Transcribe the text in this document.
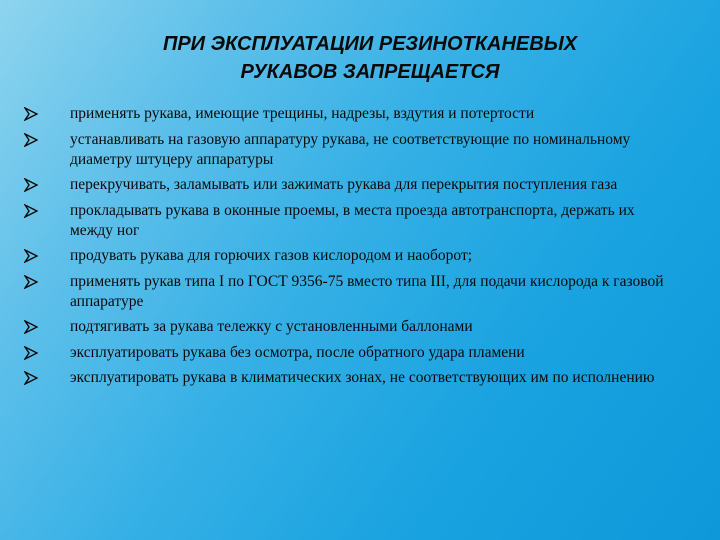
ПРИ ЭКСПЛУАТАЦИИ РЕЗИНОТКАНЕВЫХ
РУКАВОВ ЗАПРЕЩАЕТСЯ
применять рукава, имеющие трещины, надрезы, вздутия и потертости
устанавливать на газовую аппаратуру рукава, не соответствующие по номинальному диаметру штуцеру аппаратуры
перекручивать, заламывать или зажимать рукава для перекрытия поступления газа
прокладывать рукава в оконные проемы, в места проезда автотранспорта, держать их между ног
продувать рукава для горючих газов кислородом и наоборот;
применять рукав типа I по ГОСТ 9356-75 вместо типа III, для подачи кислорода к газовой аппаратуре
подтягивать за рукава тележку с установленными баллонами
эксплуатировать рукава без осмотра, после обратного удара пламени
эксплуатировать рукава в климатических зонах, не соответствующих им по исполнению
